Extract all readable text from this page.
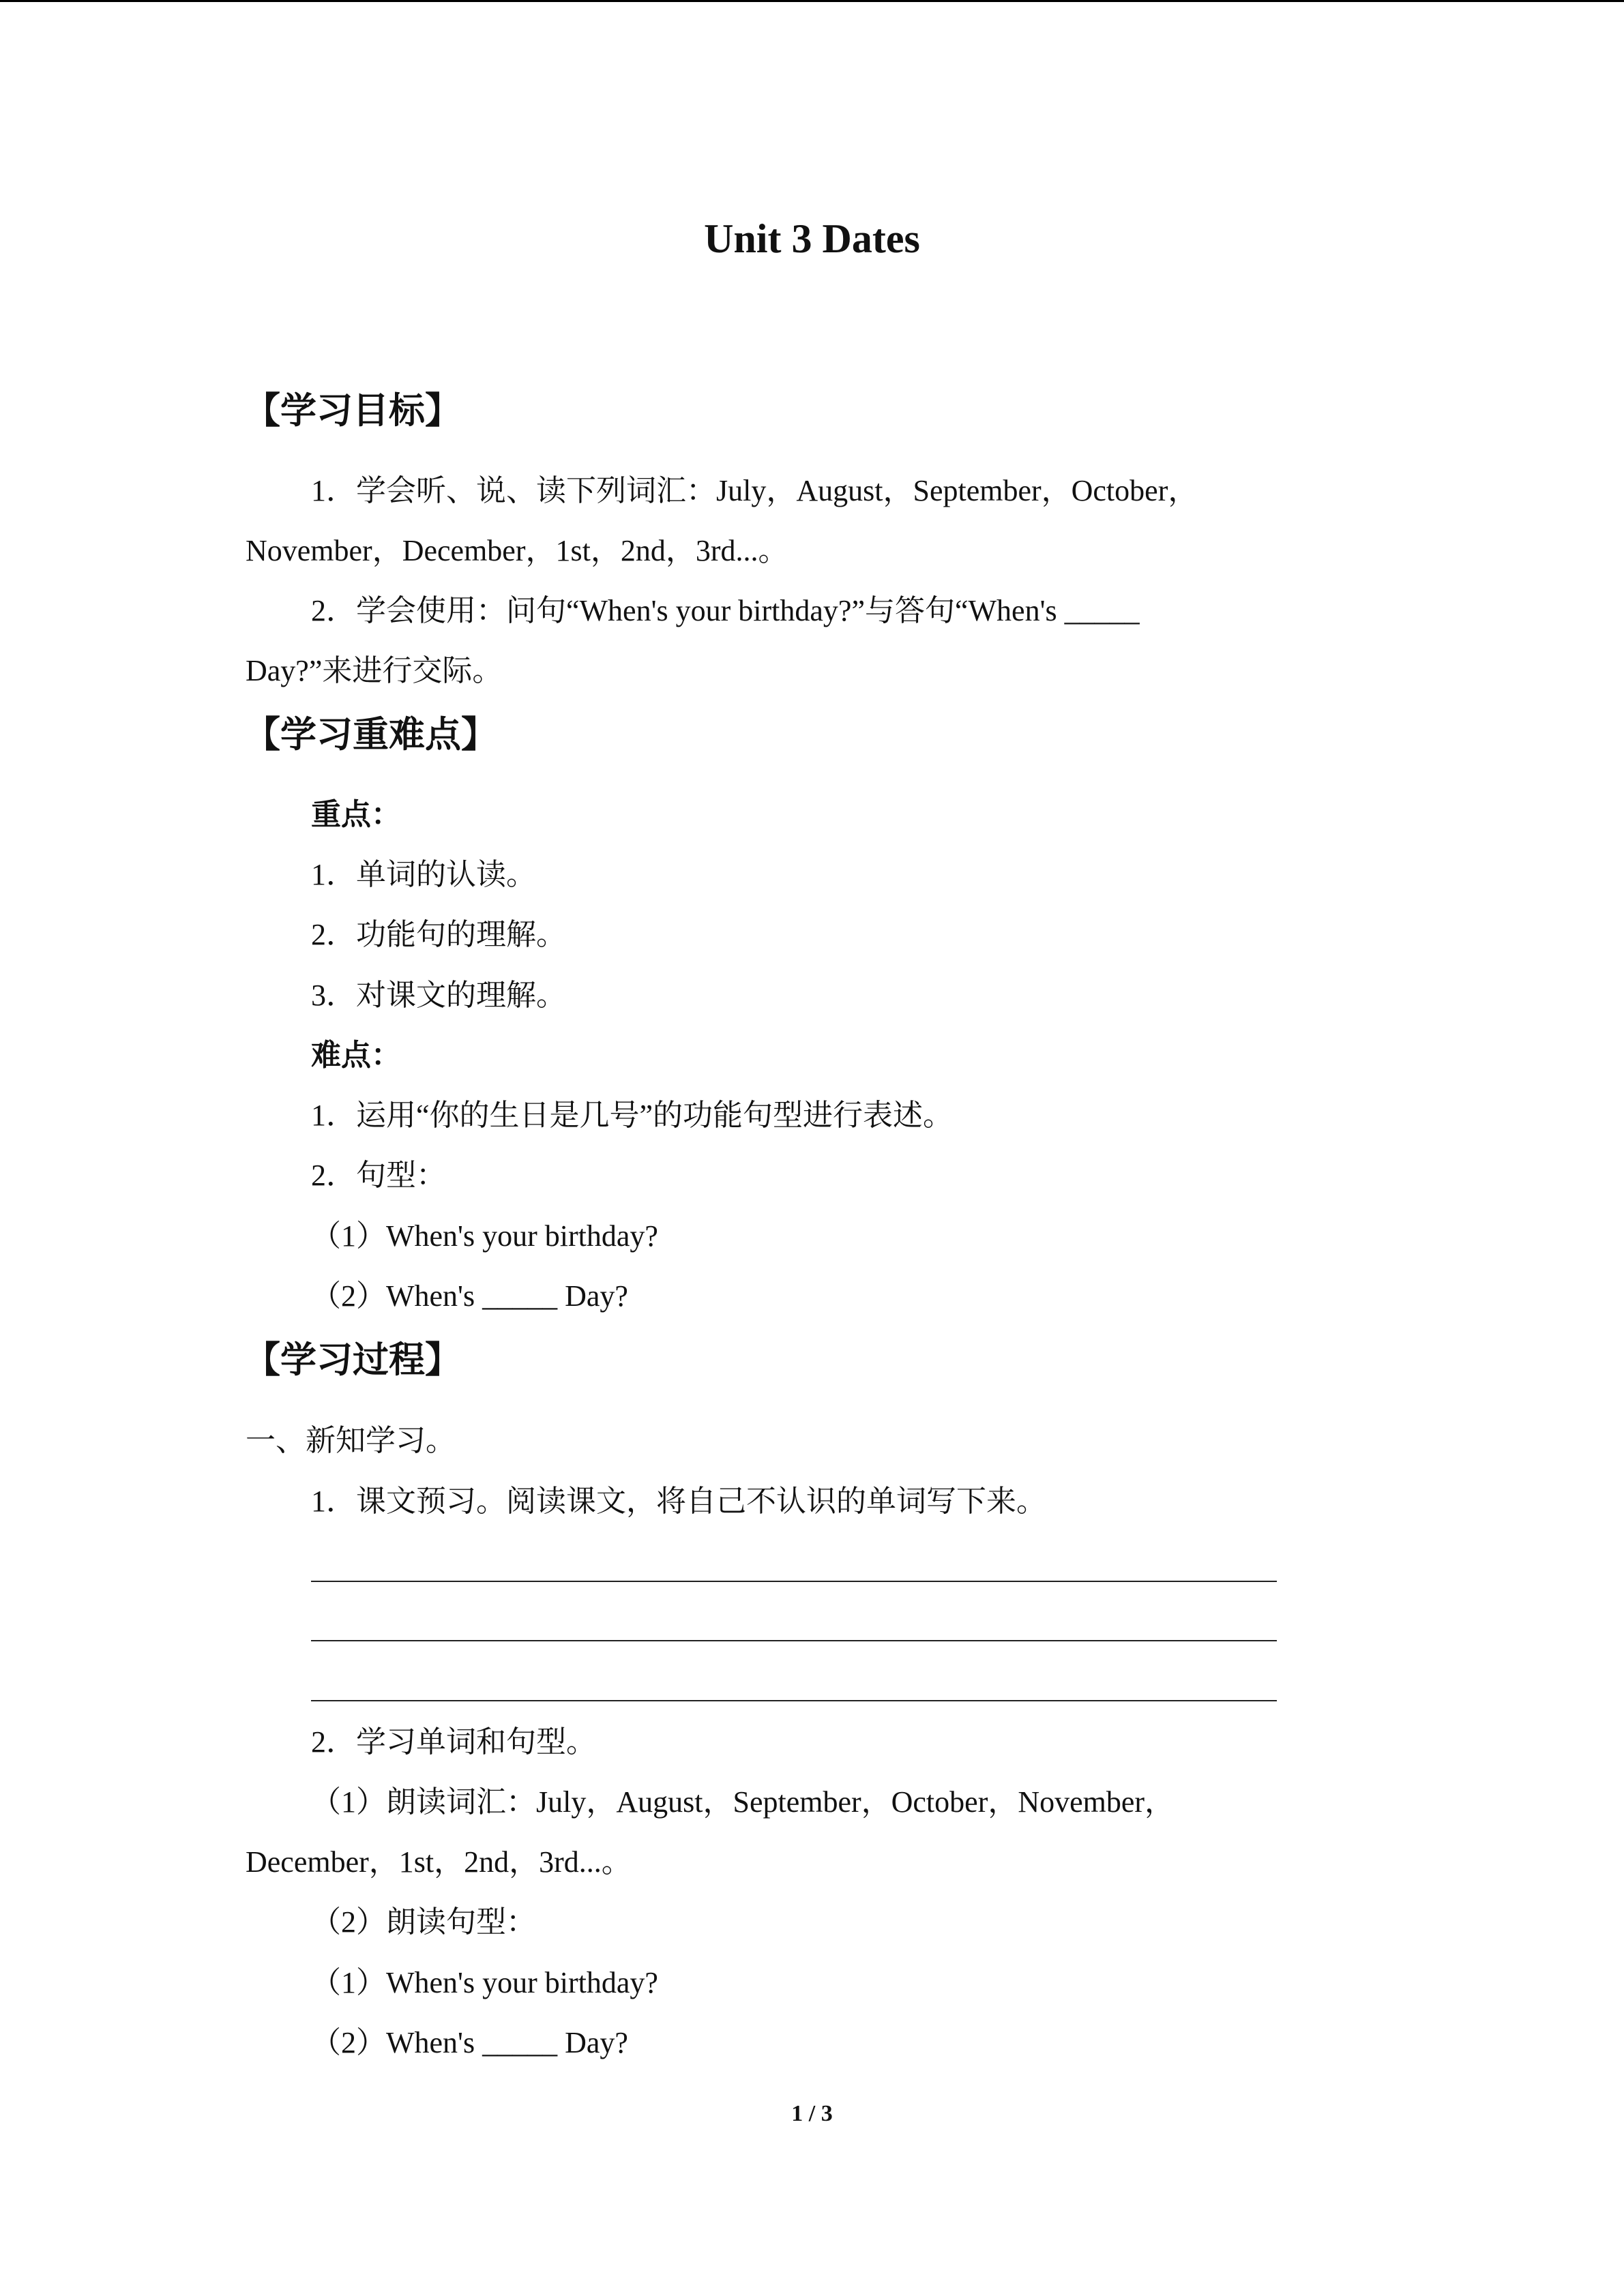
Unit 3 Dates
【学习目标】
1．学会听、说、读下列词汇：July，August，September，October，
November，December，1st，2nd，3rd...。
2．学会使用：问句“When's your birthday?”与答句“When's _____
Day?”来进行交际。
【学习重难点】
重点：
1．单词的认读。
2．功能句的理解。
3．对课文的理解。
难点：
1．运用“你的生日是几号”的功能句型进行表述。
2．句型：
（1）When's your birthday?
（2）When's _____ Day?
【学习过程】
一、新知学习。
1．课文预习。阅读课文，将自己不认识的单词写下来。
2．学习单词和句型。
（1）朗读词汇：July，August，September，October，November，
December，1st，2nd，3rd...。
（2）朗读句型：
（1）When's your birthday?
（2）When's _____ Day?
1 / 3
